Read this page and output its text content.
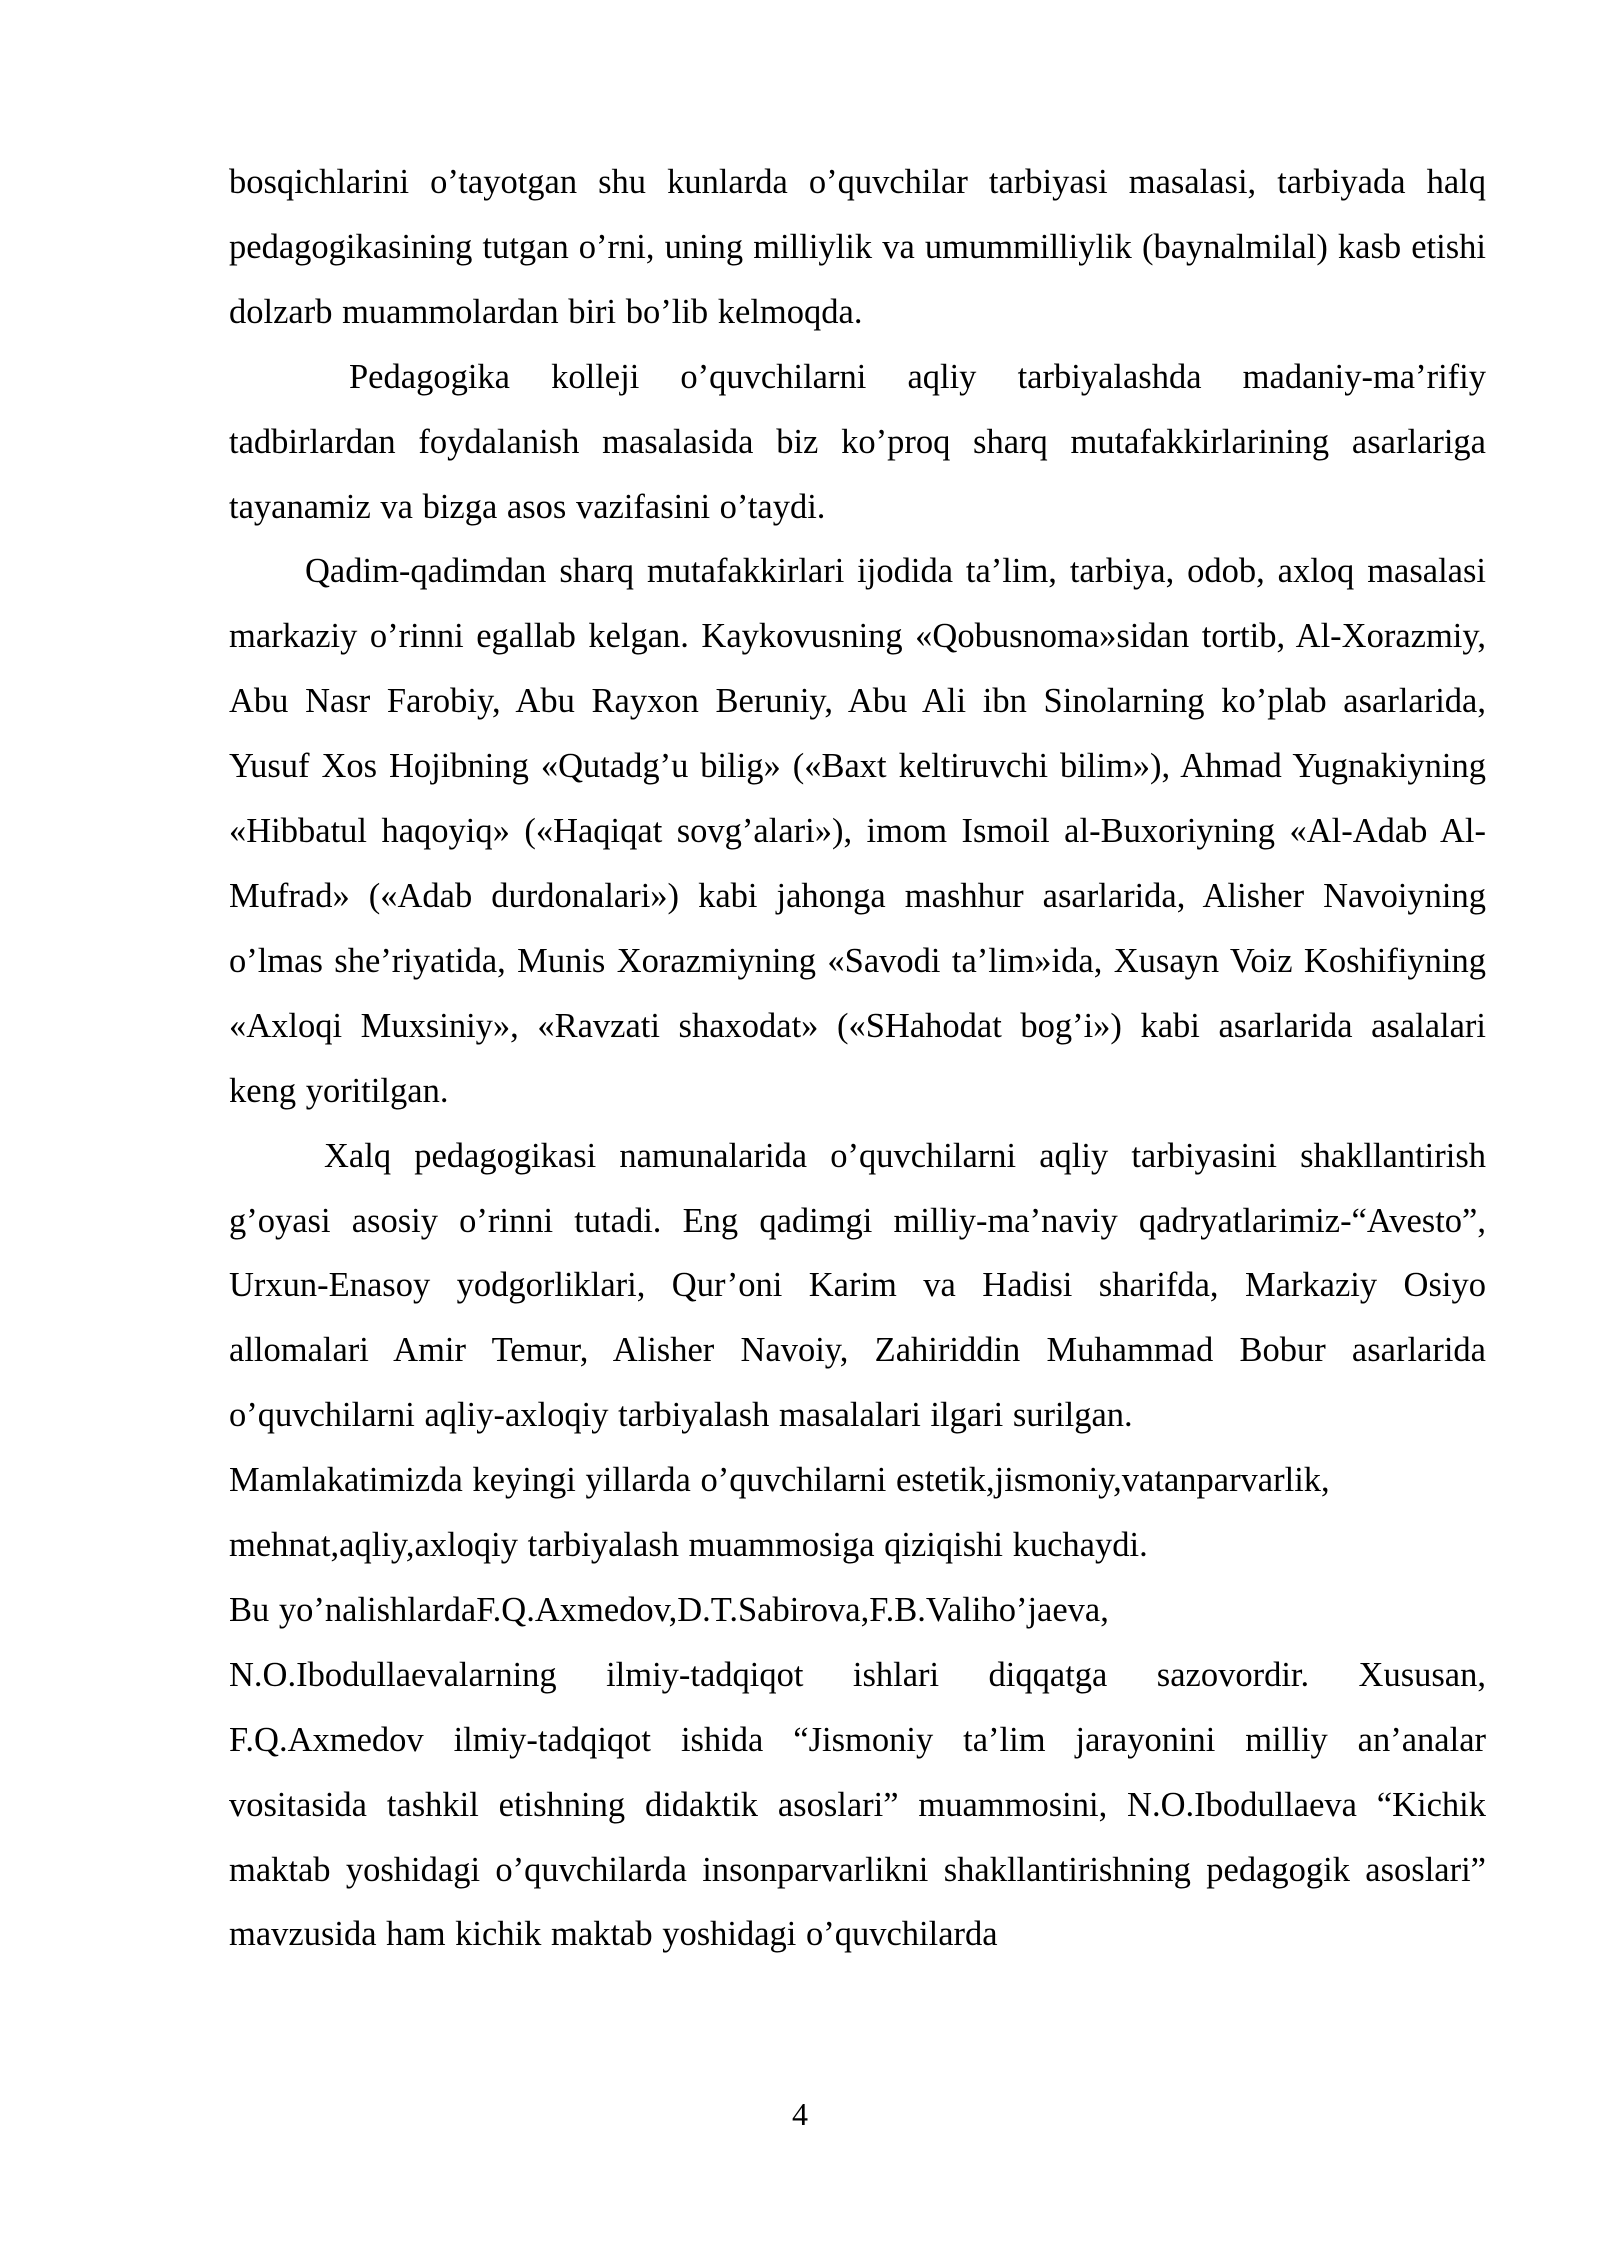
bosqichlarini o’tayotgan shu kunlarda o’quvchilar tarbiyasi masalasi, tarbiyada halq pedagogikasining tutgan o’rni, uning milliylik va umummilliylik (baynalmilal) kasb etishi dolzarb muammolardan biri bo’lib kelmoqda.

Pedagogika kolleji o’quvchilarni aqliy tarbiyalashda madaniy-ma’rifiy tadbirlardan foydalanish masalasida biz ko’proq sharq mutafakkirlarining asarlariga tayanamiz va bizga asos vazifasini o’taydi.

Qadim-qadimdan sharq mutafakkirlari ijodida ta’lim, tarbiya, odob, axloq masalasi markaziy o’rinni egallab kelgan. Kaykovusning «Qobusnoma»sidan tortib, Al-Xorazmiy, Abu Nasr Farobiy, Abu Rayxon Beruniy, Abu Ali ibn Sinolarning ko’plab asarlarida, Yusuf Xos Hojibning «Qutadg’u bilig» («Baxt keltiruvchi bilim»), Ahmad Yugnakiyning «Hibbatul haqoyiq» («Haqiqat sovg’alari»), imom Ismoil al-Buxoriyning «Al-Adab Al-Mufrad» («Adab durdonalari») kabi jahonga mashhur asarlarida, Alisher Navoiyning o’lmas she’riyatida, Munis Xorazmiyning «Savodi ta’lim»ida, Xusayn Voiz Koshifiyning «Axloqi Muxsiniy», «Ravzati shaxodat» («SHahodat bog’i») kabi asarlarida asalalari keng yoritilgan.

Xalq pedagogikasi namunalarida o’quvchilarni aqliy tarbiyasini shakllantirish g’oyasi asosiy o’rinni tutadi. Eng qadimgi milliy-ma’naviy qadryatlarimiz-“Avesto”, Urxun-Enasoy yodgorliklari, Qur’oni Karim va Hadisi sharifda, Markaziy Osiyo allomalari Amir Temur, Alisher Navoiy, Zahiriddin Muhammad Bobur asarlarida o’quvchilarni aqliy-axloqiy tarbiyalash masalalari ilgari surilgan.

Mamlakatimizda keyingi yillarda o’quvchilarni estetik,jismoniy,vatanparvarlik, mehnat,aqliy,axloqiy tarbiyalash muammosiga qiziqishi kuchaydi.

Bu yo’nalishlardaF.Q.Axmedov,D.T.Sabirova,F.B.Valiho’jaeva,

N.O.Ibodullaevalarning ilmiy-tadqiqot ishlari diqqatga sazovordir. Xususan, F.Q.Axmedov ilmiy-tadqiqot ishida “Jismoniy ta’lim jarayonini milliy an’analar vositasida tashkil etishning didaktik asoslari” muammosini, N.O.Ibodullaeva “Kichik maktab yoshidagi o’quvchilarda insonparvarlikni shakllantirishning pedagogik asoslari” mavzusida ham kichik maktab yoshidagi o’quvchilarda

4
